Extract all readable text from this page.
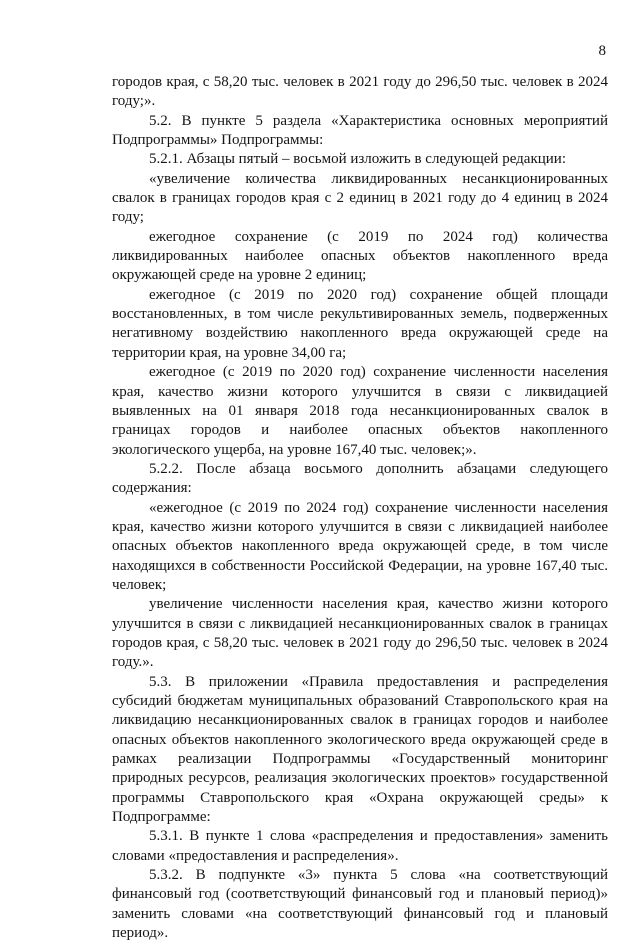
8

городов края, с 58,20 тыс. человек в 2021 году до 296,50 тыс. человек в 2024 году;».

5.2. В пункте 5 раздела «Характеристика основных мероприятий Подпрограммы» Подпрограммы:

5.2.1. Абзацы пятый – восьмой изложить в следующей редакции:

«увеличение количества ликвидированных несанкционированных свалок в границах городов края с 2 единиц в 2021 году до 4 единиц в 2024 году;

ежегодное сохранение (с 2019 по 2024 год) количества ликвидированных наиболее опасных объектов накопленного вреда окружающей среде на уровне 2 единиц;

ежегодное (с 2019 по 2020 год) сохранение общей площади восстановленных, в том числе рекультивированных земель, подверженных негативному воздействию накопленного вреда окружающей среде на территории края, на уровне 34,00 га;

ежегодное (с 2019 по 2020 год) сохранение численности населения края, качество жизни которого улучшится в связи с ликвидацией выявленных на 01 января 2018 года несанкционированных свалок в границах городов и наиболее опасных объектов накопленного экологического ущерба, на уровне 167,40 тыс. человек;».

5.2.2. После абзаца восьмого дополнить абзацами следующего содержания:

«ежегодное (с 2019 по 2024 год) сохранение численности населения края, качество жизни которого улучшится в связи с ликвидацией наиболее опасных объектов накопленного вреда окружающей среде, в том числе находящихся в собственности Российской Федерации, на уровне 167,40 тыс. человек;

увеличение численности населения края, качество жизни которого улучшится в связи с ликвидацией несанкционированных свалок в границах городов края, с 58,20 тыс. человек в 2021 году до 296,50 тыс. человек в 2024 году.».

5.3. В приложении «Правила предоставления и распределения субсидий бюджетам муниципальных образований Ставропольского края на ликвидацию несанкционированных свалок в границах городов и наиболее опасных объектов накопленного экологического вреда окружающей среде в рамках реализации Подпрограммы «Государственный мониторинг природных ресурсов, реализация экологических проектов» государственной программы Ставропольского края «Охрана окружающей среды» к Подпрограмме:

5.3.1. В пункте 1 слова «распределения и предоставления» заменить словами «предоставления и распределения».

5.3.2. В подпункте «3» пункта 5 слова «на соответствующий финансовый год (соответствующий финансовый год и плановый период)» заменить словами «на соответствующий финансовый год и плановый период».
